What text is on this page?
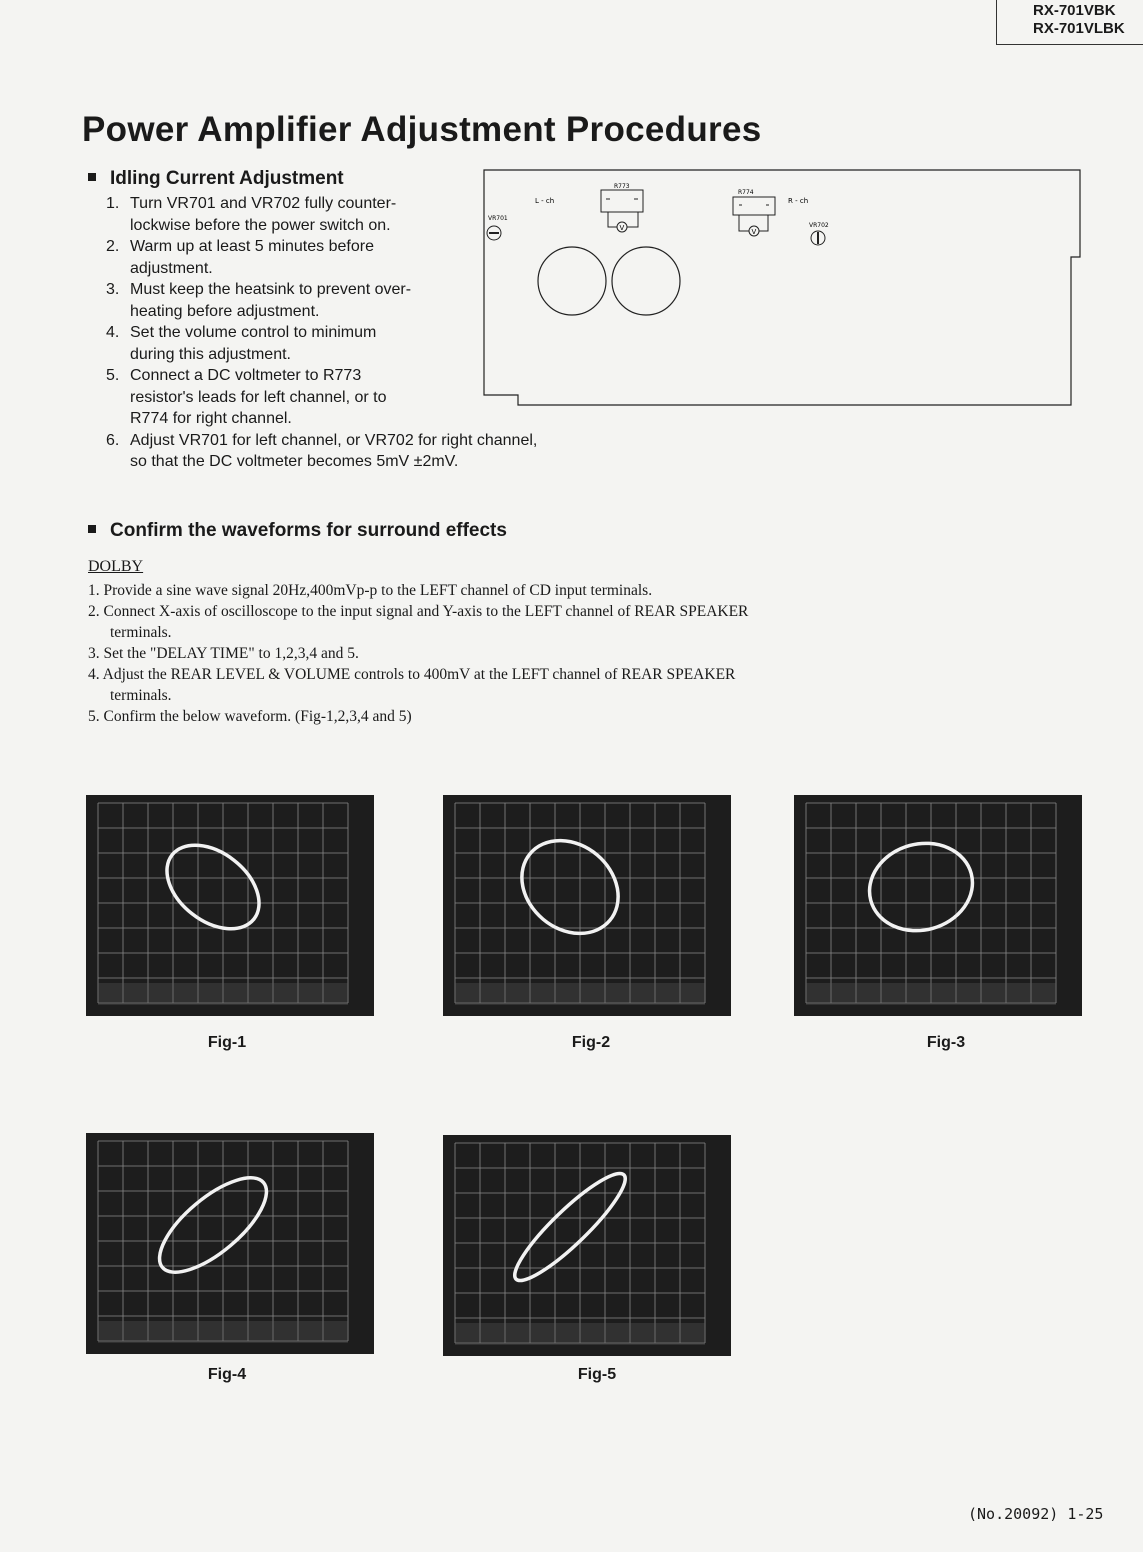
RX-701VBK
RX-701VLBK
Power Amplifier Adjustment Procedures
Idling Current Adjustment
1. Turn VR701 and VR702 fully counter-
lockwise before the power switch on.
2. Warm up at least 5 minutes before
adjustment.
3. Must keep the heatsink to prevent over-
heating before adjustment.
4. Set the volume control to minimum
during this adjustment.
5. Connect a DC voltmeter to R773
resistor's leads for left channel, or to
R774 for right channel.
6. Adjust VR701 for left channel, or VR702 for right channel,
so that the DC voltmeter becomes 5mV ±2mV.
L - ch	R - ch
R773
R774
VR701
VR702
V	V
Confirm the waveforms for surround effects
DOLBY
1. Provide a sine wave signal 20Hz,400mVp-p to the LEFT channel of CD input terminals.
2. Connect X-axis of oscilloscope to the input signal and Y-axis to the LEFT channel of REAR SPEAKER terminals.
3. Set the "DELAY TIME" to 1,2,3,4 and 5.
4. Adjust the REAR LEVEL & VOLUME controls to 400mV at the LEFT channel of REAR SPEAKER terminals.
5. Confirm the below waveform. (Fig-1,2,3,4 and 5)
Fig-1	Fig-2	Fig-3
Fig-4	Fig-5
(No.20092) 1-25
